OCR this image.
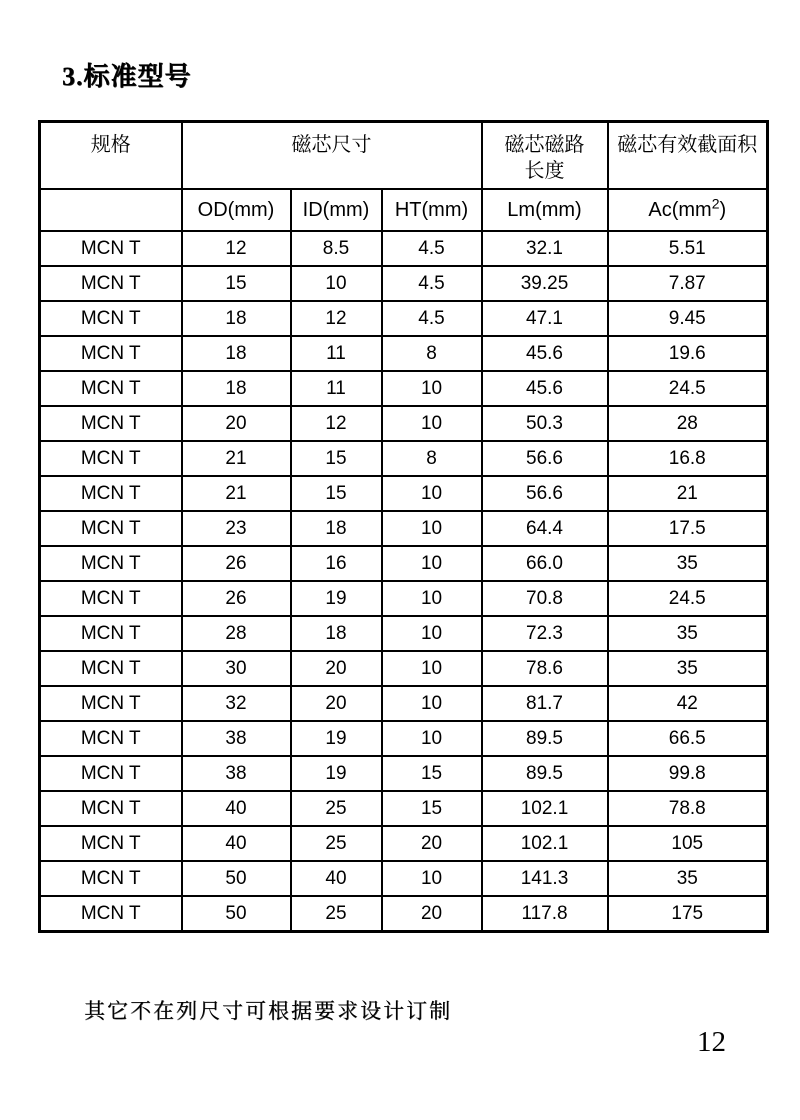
3.标准型号
规格	磁芯尺寸			磁芯磁路长度	磁芯有效截面积
	OD(mm)	ID(mm)	HT(mm)	Lm(mm)	$Ac(mm^2)$
MCN T	12	8.5	4.5	32.1	5.51
MCN T	15	10	4.5	39.25	7.87
MCN T	18	12	4.5	47.1	9.45
MCN T	18	11	8	45.6	19.6
MCN T	18	11	10	45.6	24.5
MCN T	20	12	10	50.3	28
MCN T	21	15	8	56.6	16.8
MCN T	21	15	10	56.6	21
MCN T	23	18	10	64.4	17.5
MCN T	26	16	10	66.0	35
MCN T	26	19	10	70.8	24.5
MCN T	28	18	10	72.3	35
MCN T	30	20	10	78.6	35
MCN T	32	20	10	81.7	42
MCN T	38	19	10	89.5	66.5
MCN T	38	19	15	89.5	99.8
MCN T	40	25	15	102.1	78.8
MCN T	40	25	20	102.1	105
MCN T	50	40	10	141.3	35
MCN T	50	25	20	117.8	175
其它不在列尺寸可根据要求设计订制
12
